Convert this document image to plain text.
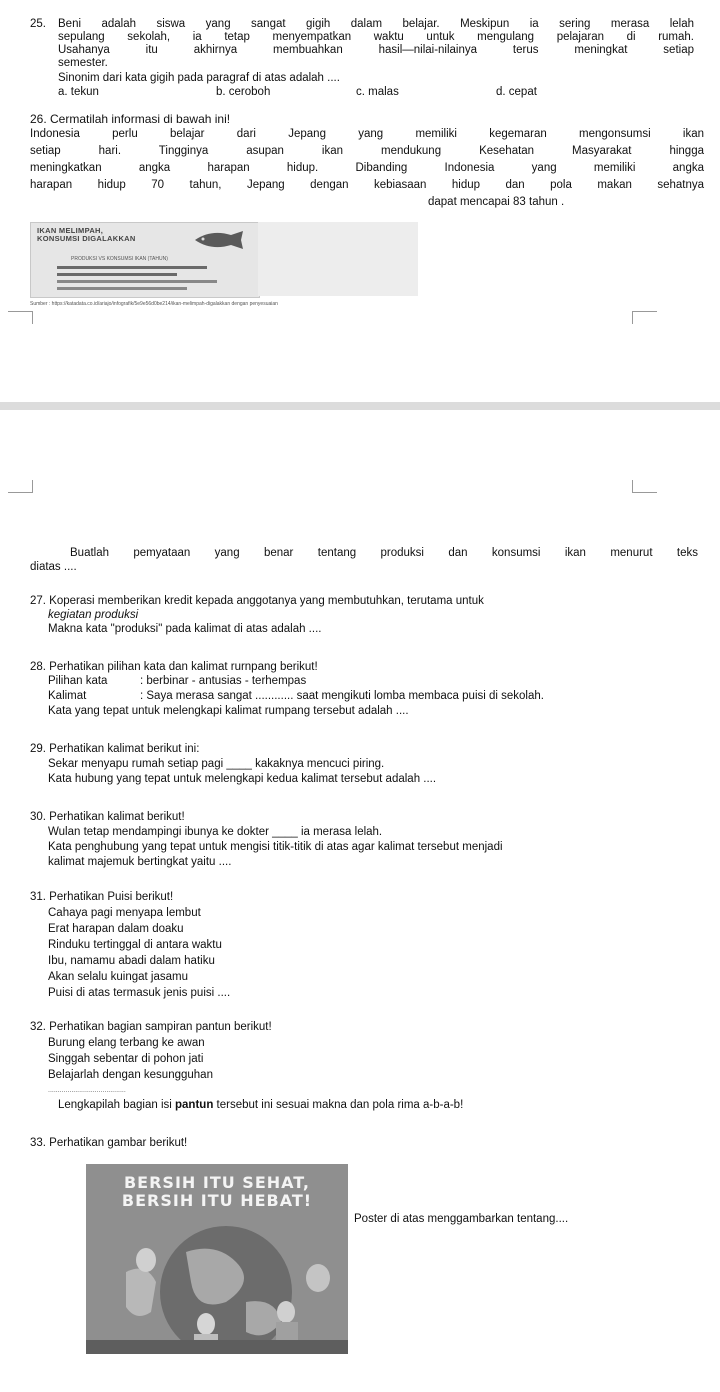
25. Beni adalah siswa yang sangat gigih dalam belajar. Meskipun ia sering merasa lelah
sepulang sekolah, ia tetap menyempatkan waktu untuk mengulang pelajaran di rumah.
Usahanya itu akhirnya membuahkan hasil—nilai-nilainya terus meningkat setiap
semester.
Sinonim dari kata gigih pada paragraf di atas adalah ....
a. tekun	b. ceroboh	c. malas	d. cepat
26. Cermatilah informasi di bawah ini!
Indonesia perlu belajar dari Jepang yang memiliki kegemaran mengonsumsi ikan
setiap hari. Tingginya asupan ikan mendukung Kesehatan Masyarakat hingga
meningkatkan angka harapan hidup. Dibanding Indonesia yang memiliki angka
harapan hidup 70 tahun, Jepang dengan kebiasaan hidup dan pola makan sehatnya
dapat mencapai 83 tahun .
IKAN MELIMPAH, KONSUMSI DIGALAKKAN
PRODUKSI VS KONSUMSI IKAN (TAHUN)
Sumber : https://katadata.co.id/ariajo/infografik/5e9e56d0be214/ikan-melimpah-digalakkan dengan penyesuaian
Buatlah pemyataan yang benar tentang produksi dan konsumsi ikan menurut teks
diatas ....
27. Koperasi memberikan kredit kepada anggotanya yang membutuhkan, terutama untuk
kegiatan produksi
Makna kata "produksi" pada kalimat di atas adalah ....
28. Perhatikan pilihan kata dan kalimat rurnpang berikut!
Pilihan kata	: berbinar - antusias - terhempas
Kalimat	: Saya merasa sangat ............ saat mengikuti lomba membaca puisi di sekolah.
Kata yang tepat untuk melengkapi kalimat rumpang tersebut adalah ....
29. Perhatikan kalimat berikut ini:
Sekar menyapu rumah setiap pagi ____ kakaknya mencuci piring.
Kata hubung yang tepat untuk melengkapi kedua kalimat tersebut adalah ....
30. Perhatikan kalimat berikut!
Wulan tetap mendampingi ibunya ke dokter ____ ia merasa lelah.
Kata penghubung yang tepat untuk mengisi titik-titik di atas agar kalimat tersebut menjadi
kalimat majemuk bertingkat yaitu ....
31. Perhatikan Puisi berikut!
Cahaya pagi menyapa lembut
Erat harapan dalam doaku
Rinduku tertinggal di antara waktu
Ibu, namamu abadi dalam hatiku
Akan selalu kuingat jasamu
Puisi di atas termasuk jenis puisi ....
32. Perhatikan bagian sampiran pantun berikut!
Burung elang terbang ke awan
Singgah sebentar di pohon jati
Belajarlah dengan kesungguhan
........................................
Lengkapilah bagian isi pantun tersebut ini sesuai makna dan pola rima a-b-a-b!
33. Perhatikan gambar berikut!
BERSIH ITU SEHAT,
BERSIH ITU HEBAT!
Poster di atas menggambarkan tentang....
